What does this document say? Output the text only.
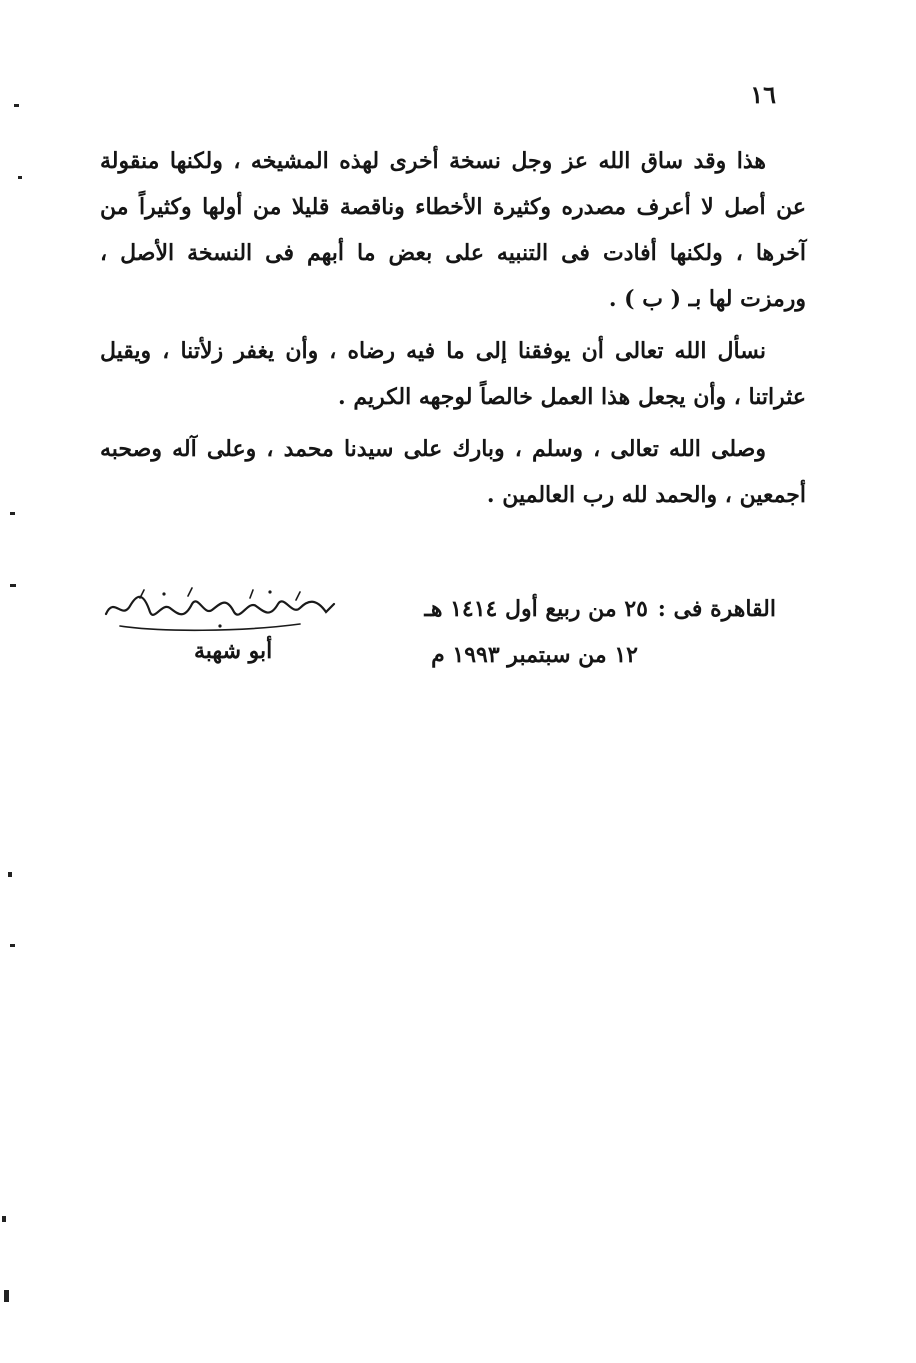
١٦

هذا وقد ساق الله عز وجل نسخة أخرى لهذه المشيخه ، ولكنها منقولة عن أصل لا أعرف مصدره وكثيرة الأخطاء وناقصة قليلا من أولها وكثيراً من آخرها ، ولكنها أفادت فى التنبيه على بعض ما أبهم فى النسخة الأصل ، ورمزت لها بـ ( ب ) .

نسأل الله تعالى أن يوفقنا إلى ما فيه رضاه ، وأن يغفر زلأتنا ، ويقيل عثراتنا ، وأن يجعل هذا العمل خالصاً لوجهه الكريم .

وصلى الله تعالى ، وسلم ، وبارك على سيدنا محمد ، وعلى آله وصحبه أجمعين ، والحمد لله رب العالمين .

القاهرة فى :
٢٥ من ربيع أول ١٤١٤ هـ
١٢ من سبتمبر ١٩٩٣ م
أبو شهبة
